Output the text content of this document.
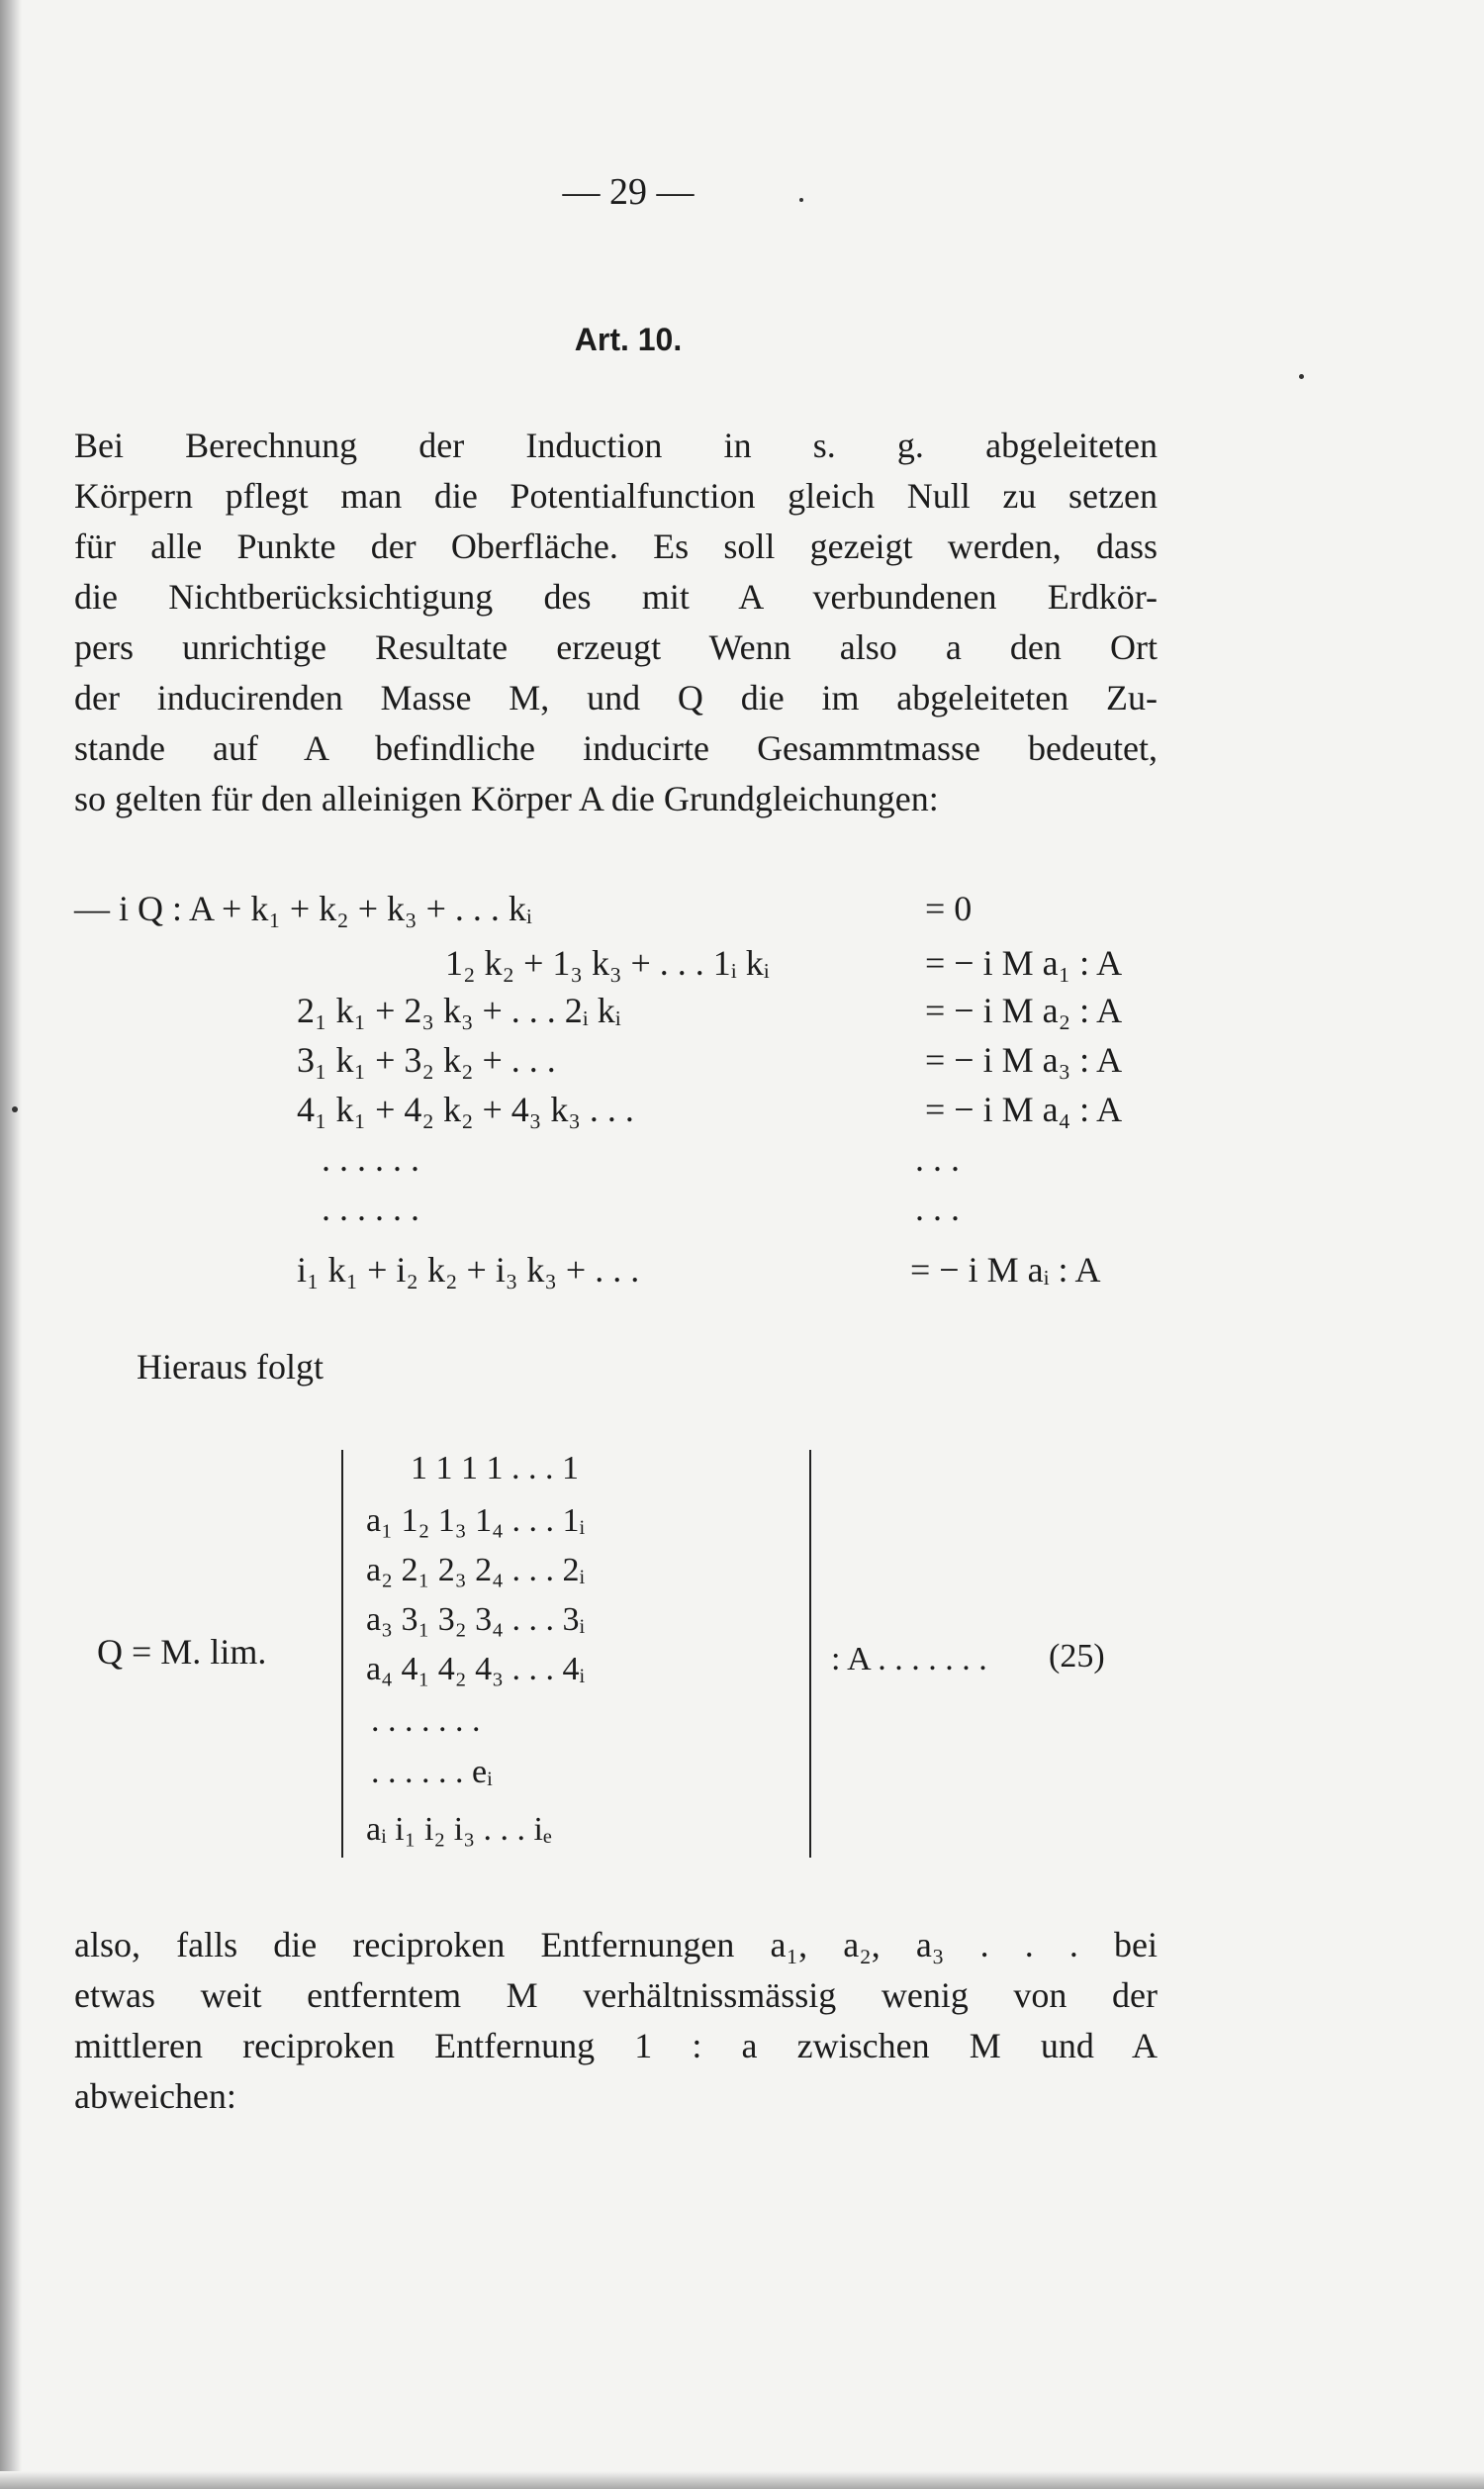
— 29 —
Art. 10.
Bei Berechnung der Induction in s. g. abgeleiteten
Körpern pflegt man die Potentialfunction gleich Null zu setzen
für alle Punkte der Oberfläche. Es soll gezeigt werden, dass
die Nichtberücksichtigung des mit A verbundenen Erdkör-
pers unrichtige Resultate erzeugt Wenn also a den Ort
der inducirenden Masse M, und Q die im abgeleiteten Zu-
stande auf A befindliche inducirte Gesammtmasse bedeutet,
so gelten für den alleinigen Körper A die Grundgleichungen:
— i Q : A + k₁ + k₂ + k₃ + . . . kᵢ	= 0
1₂ k₂ + 1₃ k₃ + . . . 1ᵢ kᵢ	= − i M a₁ : A
2₁ k₁ + 2₃ k₃ + . . . 2ᵢ kᵢ	= − i M a₂ : A
3₁ k₁ + 3₂ k₂ + . . .	= − i M a₃ : A
4₁ k₁ + 4₂ k₂ + 4₃ k₃ . . .	= − i M a₄ : A
. . . . . .	. . .
. . . . . .	. . .
i₁ k₁ + i₂ k₂ + i₃ k₃ + . . .	= − i M aᵢ : A
Hieraus folgt
Q = M. lim.
1 1 1 1 . . . 1
a₁ 1₂ 1₃ 1₄ . . . 1ᵢ
a₂ 2₁ 2₃ 2₄ . . . 2ᵢ
a₃ 3₁ 3₂ 3₄ . . . 3ᵢ
a₄ 4₁ 4₂ 4₃ . . . 4ᵢ
. . . . . . .
. . . . . . eᵢ
aᵢ i₁ i₂ i₃ . . . iₑ
: A . . . . . . . (25)
also, falls die reciproken Entfernungen a₁, a₂, a₃ . . . bei
etwas weit entferntem M verhältnissmässig wenig von der
mittleren reciproken Entfernung 1 : a zwischen M und A
abweichen:
